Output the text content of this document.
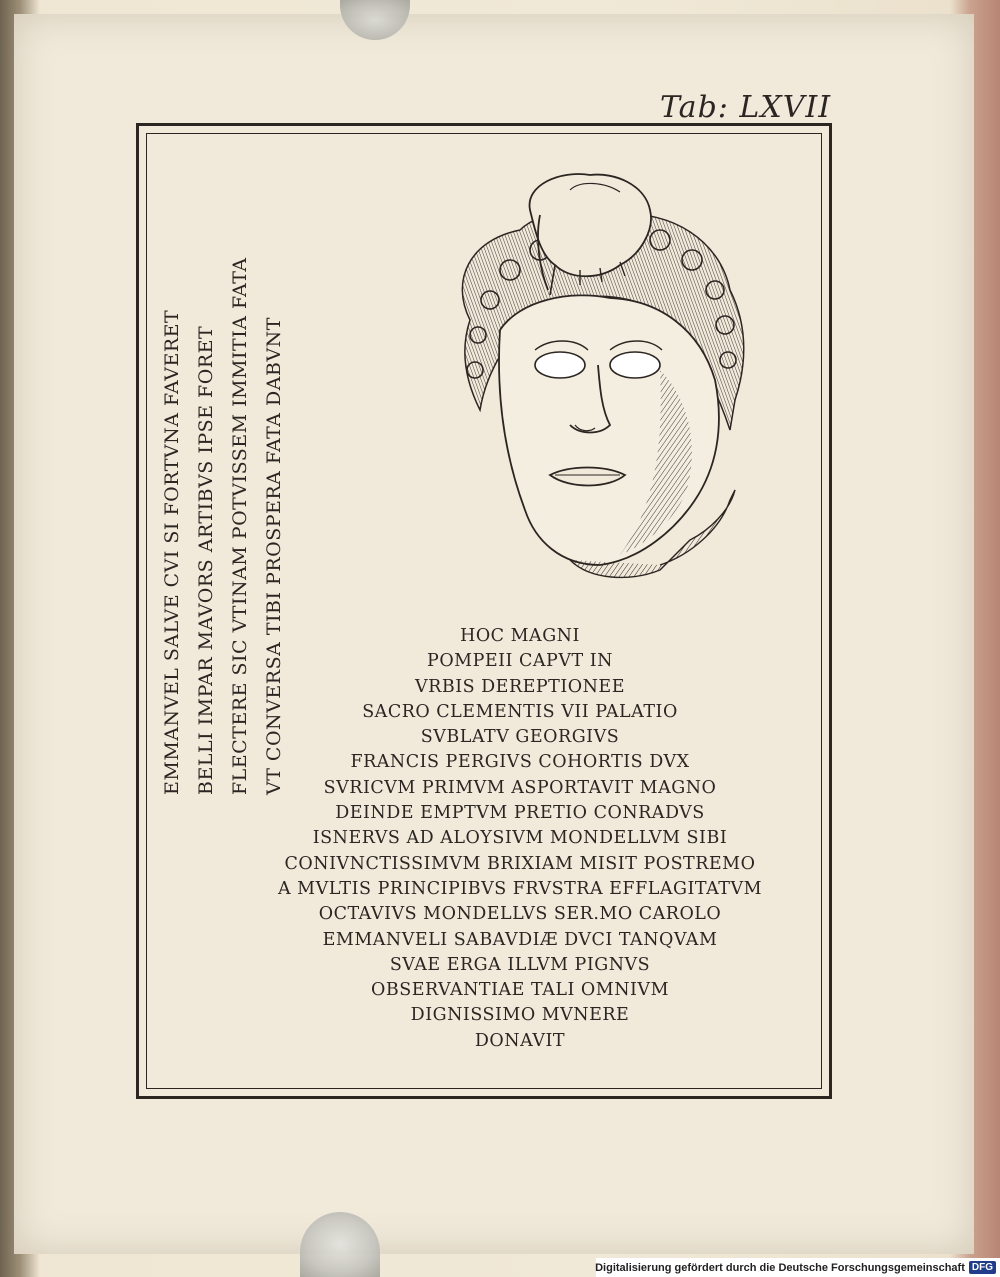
Tab: LXVII
EMMANVEL SALVE CVI SI FORTVNA FAVERET BELLI IMPAR MAVORS ARTIBVS IPSE FORET FLECTERE SIC VTINAM POTVISSEM IMMITIA FATA VT CONVERSA TIBI PROSPERA FATA DABVNT	HOC MAGNI
POMPEII CAPVT IN
VRBIS DEREPTIONEE
SACRO CLEMENTIS VII PALATIO
SVBLATV GEORGIVS
FRANCIS PERGIVS COHORTIS DVX
SVRICVM PRIMVM ASPORTAVIT MAGNO
DEINDE EMPTVM PRETIO CONRADVS
ISNERVS AD ALOYSIVM MONDELLVM SIBI
CONIVNCTISSIMVM BRIXIAM MISIT POSTREMO
A MVLTIS PRINCIPIBVS FRVSTRA EFFLAGITATVM
OCTAVIVS MONDELLVS SER.MO CAROLO
EMMANVELI SABAVDIÆ DVCI TANQVAM
SVAE ERGA ILLVM PIGNVS
OBSERVANTIAE TALI OMNIVM
DIGNISSIMO MVNERE
DONAVIT
Digitalisierung gefördert durch die Deutsche Forschungsgemeinschaft DFG
